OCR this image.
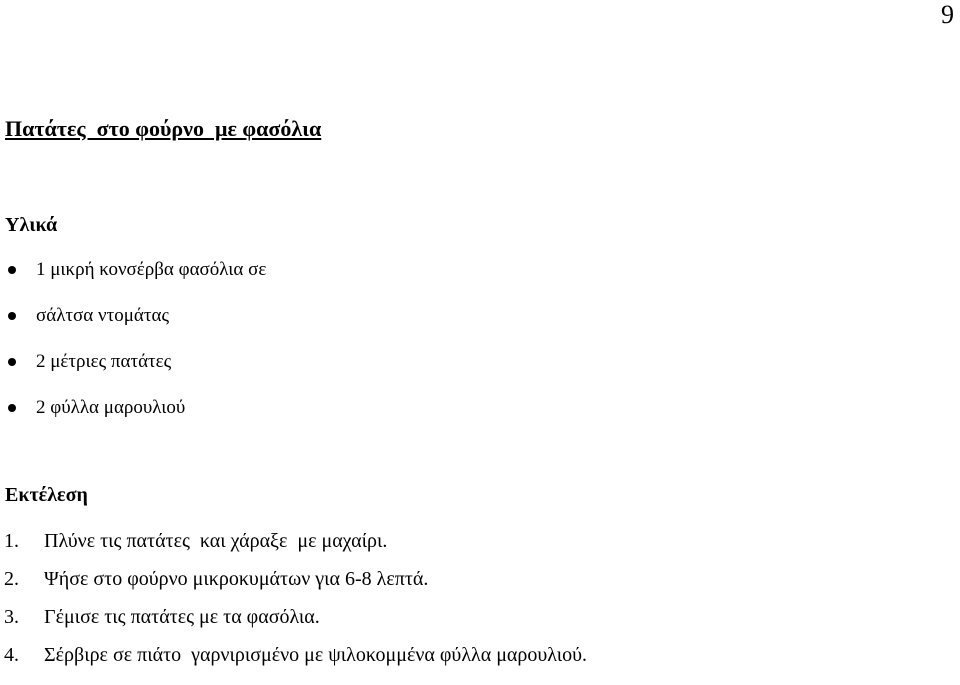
9
Πατάτες  στο φούρνο  με φασόλια
Υλικά
1 μικρή κονσέρβα φασόλια σε
σάλτσα ντομάτας
2 μέτριες πατάτες
2 φύλλα μαρουλιού
Εκτέλεση
1. Πλύνε τις πατάτες  και χάραξε  με μαχαίρι.
2. Ψήσε στο φούρνο μικροκυμάτων για 6-8 λεπτά.
3. Γέμισε τις πατάτες με τα φασόλια.
4. Σέρβιρε σε πιάτο  γαρνιρισμένο με ψιλοκομμένα φύλλα μαρουλιού.
